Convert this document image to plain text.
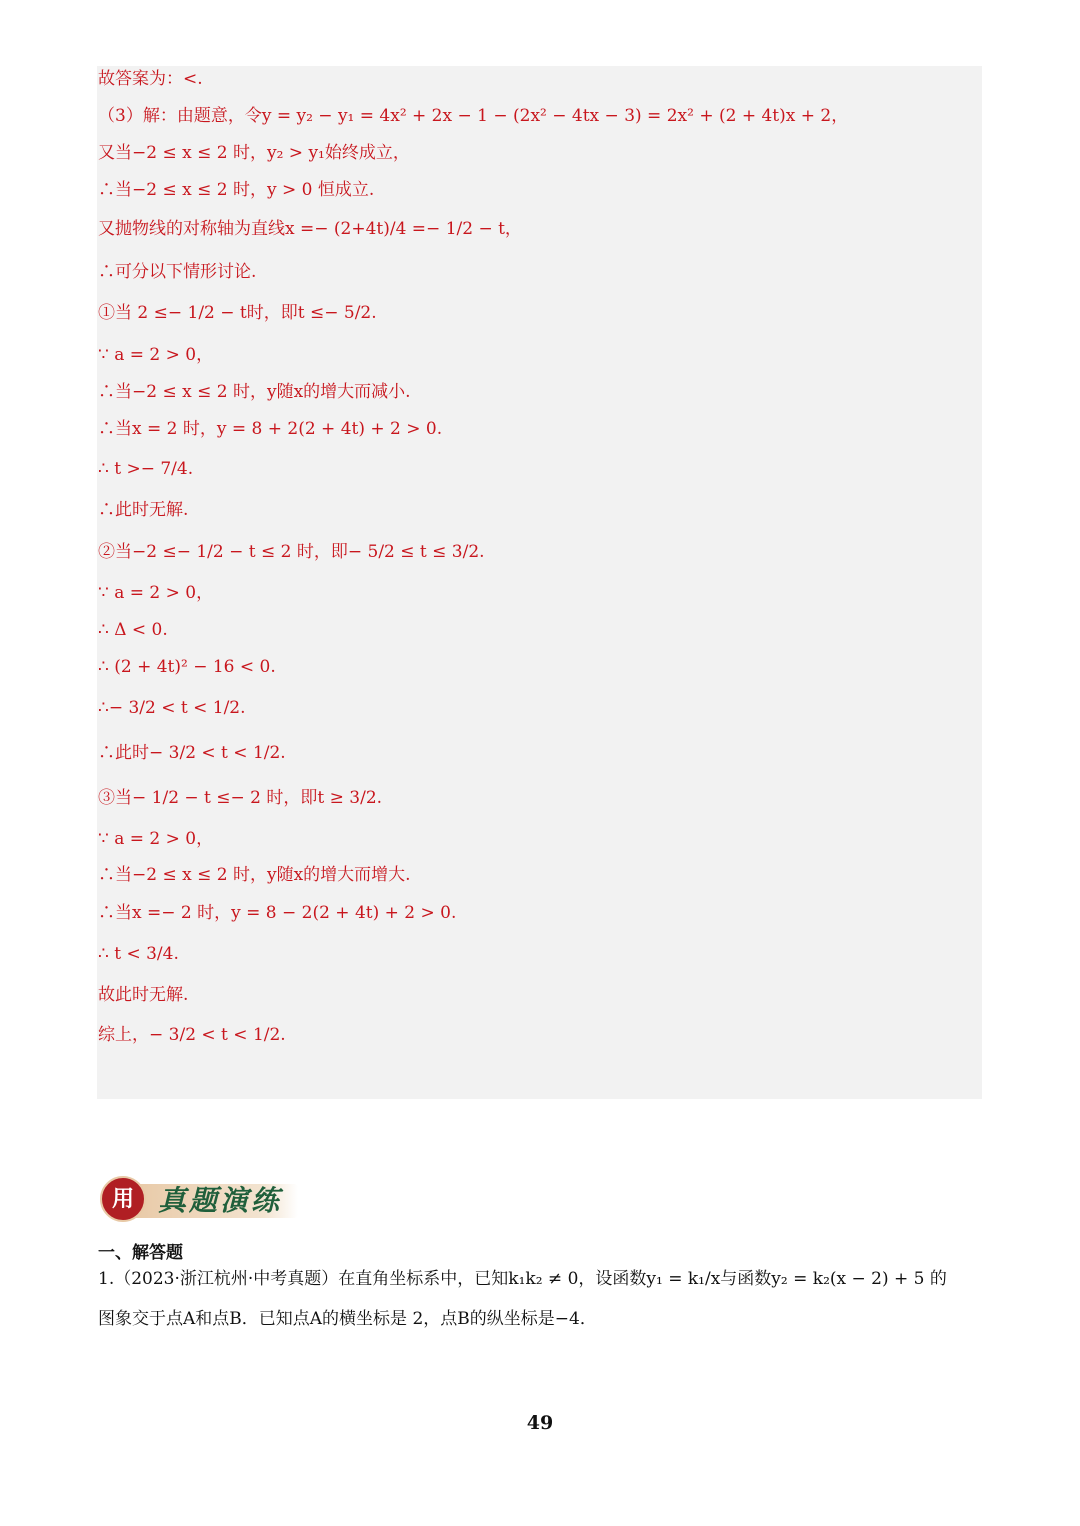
故答案为：<.
（3）解：由题意，令y = y₂ − y₁ = 4x² + 2x − 1 − (2x² − 4tx − 3) = 2x² + (2 + 4t)x + 2，
又当−2 ≤ x ≤ 2 时，y₂ > y₁始终成立，
∴当−2 ≤ x ≤ 2 时，y > 0 恒成立.
又抛物线的对称轴为直线x =− (2+4t)/4 =− 1/2 − t，
∴可分以下情形讨论.
①当 2 ≤− 1/2 − t时，即t ≤− 5/2.
∵ a = 2 > 0，
∴当−2 ≤ x ≤ 2 时，y随x的增大而减小.
∴当x = 2 时，y = 8 + 2(2 + 4t) + 2 > 0.
∴ t >− 7/4.
∴此时无解.
②当−2 ≤− 1/2 − t ≤ 2 时，即− 5/2 ≤ t ≤ 3/2.
∵ a = 2 > 0，
∴ Δ < 0.
∴ (2 + 4t)² − 16 < 0.
∴− 3/2 < t < 1/2.
∴此时− 3/2 < t < 1/2.
③当− 1/2 − t ≤− 2 时，即t ≥ 3/2.
∵ a = 2 > 0，
∴当−2 ≤ x ≤ 2 时，y随x的增大而增大.
∴当x =− 2 时，y = 8 − 2(2 + 4t) + 2 > 0.
∴ t < 3/4.
故此时无解.
综上，− 3/2 < t < 1/2.
用 真题演练
一、解答题
1.（2023·浙江杭州·中考真题）在直角坐标系中，已知k₁k₂ ≠ 0，设函数y₁ = k₁/x与函数y₂ = k₂(x − 2) + 5 的
图象交于点A和点B．已知点A的横坐标是 2，点B的纵坐标是−4．
49
